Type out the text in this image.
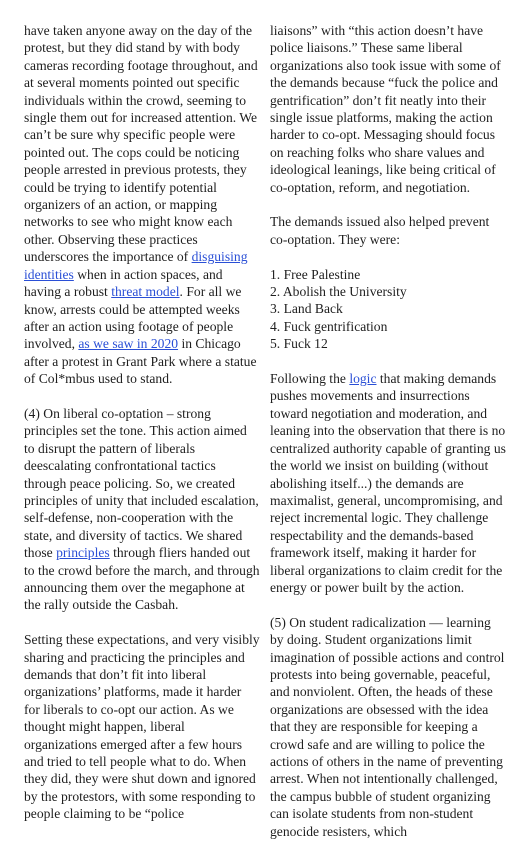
have taken anyone away on the day of the protest, but they did stand by with body cameras recording footage throughout, and at several moments pointed out specific individuals within the crowd, seeming to single them out for increased attention. We can’t be sure why specific people were pointed out. The cops could be noticing people arrested in previous protests, they could be trying to identify potential organizers of an action, or mapping networks to see who might know each other. Observing these practices underscores the importance of disguising identities when in action spaces, and having a robust threat model. For all we know, arrests could be attempted weeks after an action using footage of people involved, as we saw in 2020 in Chicago after a protest in Grant Park where a statue of Col*mbus used to stand.

(4) On liberal co-optation – strong principles set the tone. This action aimed to disrupt the pattern of liberals deescalating confrontational tactics through peace policing. So, we created principles of unity that included escalation, self-defense, non-cooperation with the state, and diversity of tactics. We shared those principles through fliers handed out to the crowd before the march, and through announcing them over the megaphone at the rally outside the Casbah.

Setting these expectations, and very visibly sharing and practicing the principles and demands that don’t fit into liberal organizations’ platforms, made it harder for liberals to co-opt our action. As we thought might happen, liberal organizations emerged after a few hours and tried to tell people what to do. When they did, they were shut down and ignored by the protestors, with some responding to people claiming to be “police

liaisons” with “this action doesn’t have police liaisons.” These same liberal organizations also took issue with some of the demands because “fuck the police and gentrification” don’t fit neatly into their single issue platforms, making the action harder to co-opt. Messaging should focus on reaching folks who share values and ideological leanings, like being critical of co-optation, reform, and negotiation.

The demands issued also helped prevent co-optation. They were:

1. Free Palestine
2. Abolish the University
3. Land Back
4. Fuck gentrification
5. Fuck 12

Following the logic that making demands pushes movements and insurrections toward negotiation and moderation, and leaning into the observation that there is no centralized authority capable of granting us the world we insist on building (without abolishing itself...) the demands are maximalist, general, uncompromising, and reject incremental logic. They challenge respectability and the demands-based framework itself, making it harder for liberal organizations to claim credit for the energy or power built by the action.

(5) On student radicalization — learning by doing. Student organizations limit imagination of possible actions and control protests into being governable, peaceful, and nonviolent. Often, the heads of these organizations are obsessed with the idea that they are responsible for keeping a crowd safe and are willing to police the actions of others in the name of preventing arrest. When not intentionally challenged, the campus bubble of student organizing can isolate students from non-student genocide resisters, which
